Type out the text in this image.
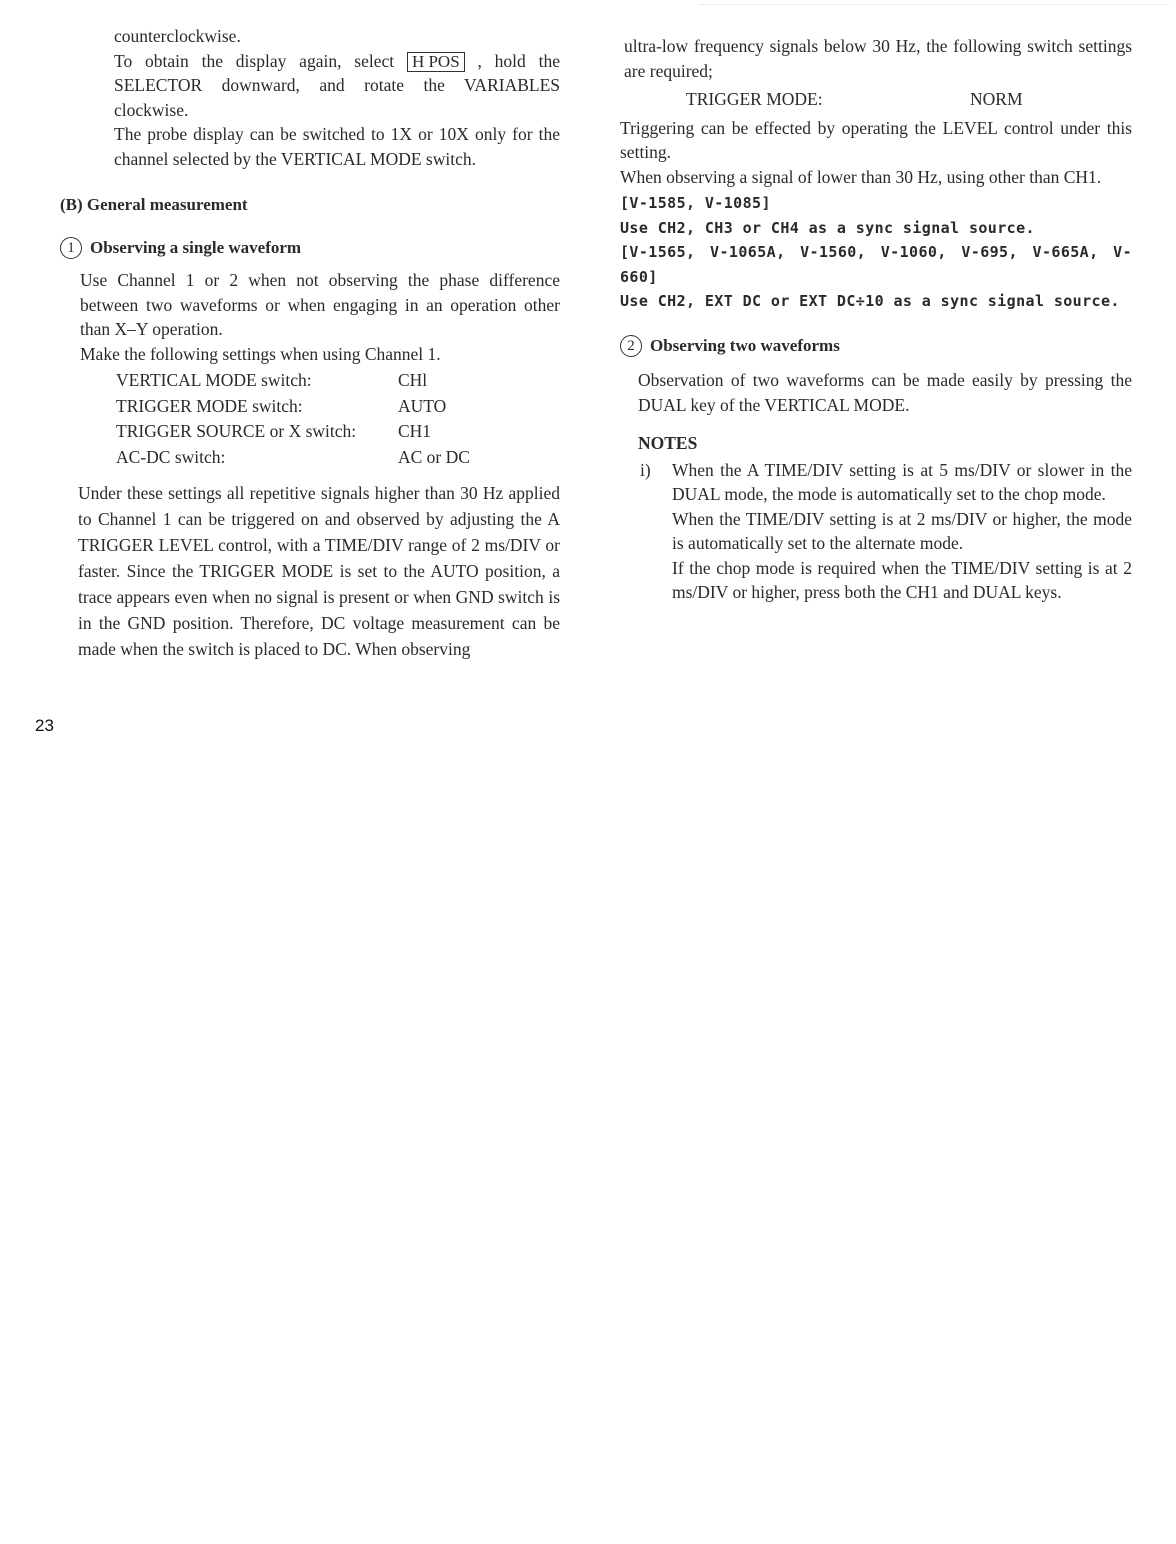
counterclockwise.

To obtain the display again, select H POS , hold the SELECTOR downward, and rotate the VARIABLES clockwise.

The probe display can be switched to 1X or 10X only for the channel selected by the VERTICAL MODE switch.

(B) General measurement
1 Observing a single waveform

Use Channel 1 or 2 when not observing the phase difference between two waveforms or when engaging in an operation other than X–Y operation.

Make the following settings when using Channel 1.

VERTICAL MODE switch:	CHl
TRIGGER MODE switch:	AUTO
TRIGGER SOURCE or X switch:	CH1
AC-DC switch:	AC or DC

Under these settings all repetitive signals higher than 30 Hz applied to Channel 1 can be triggered on and observed by adjusting the A TRIGGER LEVEL control, with a TIME/DIV range of 2 ms/DIV or faster. Since the TRIGGER MODE is set to the AUTO position, a trace appears even when no signal is present or when GND switch is in the GND position. Therefore, DC voltage measurement can be made when the switch is placed to DC. When observing

23

ultra-low frequency signals below 30 Hz, the following switch settings are required;

TRIGGER MODE:	NORM

Triggering can be effected by operating the LEVEL control under this setting.

When observing a signal of lower than 30 Hz, using other than CH1.

[V-1585, V-1085]

Use CH2, CH3 or CH4 as a sync signal source.

[V-1565, V-1065A, V-1560, V-1060, V-695, V-665A, V-660]

Use CH2, EXT DC or EXT DC÷10 as a sync signal source.

2 Observing two waveforms

Observation of two waveforms can be made easily by pressing the DUAL key of the VERTICAL MODE.

NOTES
i)	When the A TIME/DIV setting is at 5 ms/DIV or slower in the DUAL mode, the mode is automatically set to the chop mode.

When the TIME/DIV setting is at 2 ms/DIV or higher, the mode is automatically set to the alternate mode.

If the chop mode is required when the TIME/DIV setting is at 2 ms/DIV or higher, press both the CH1 and DUAL keys.
